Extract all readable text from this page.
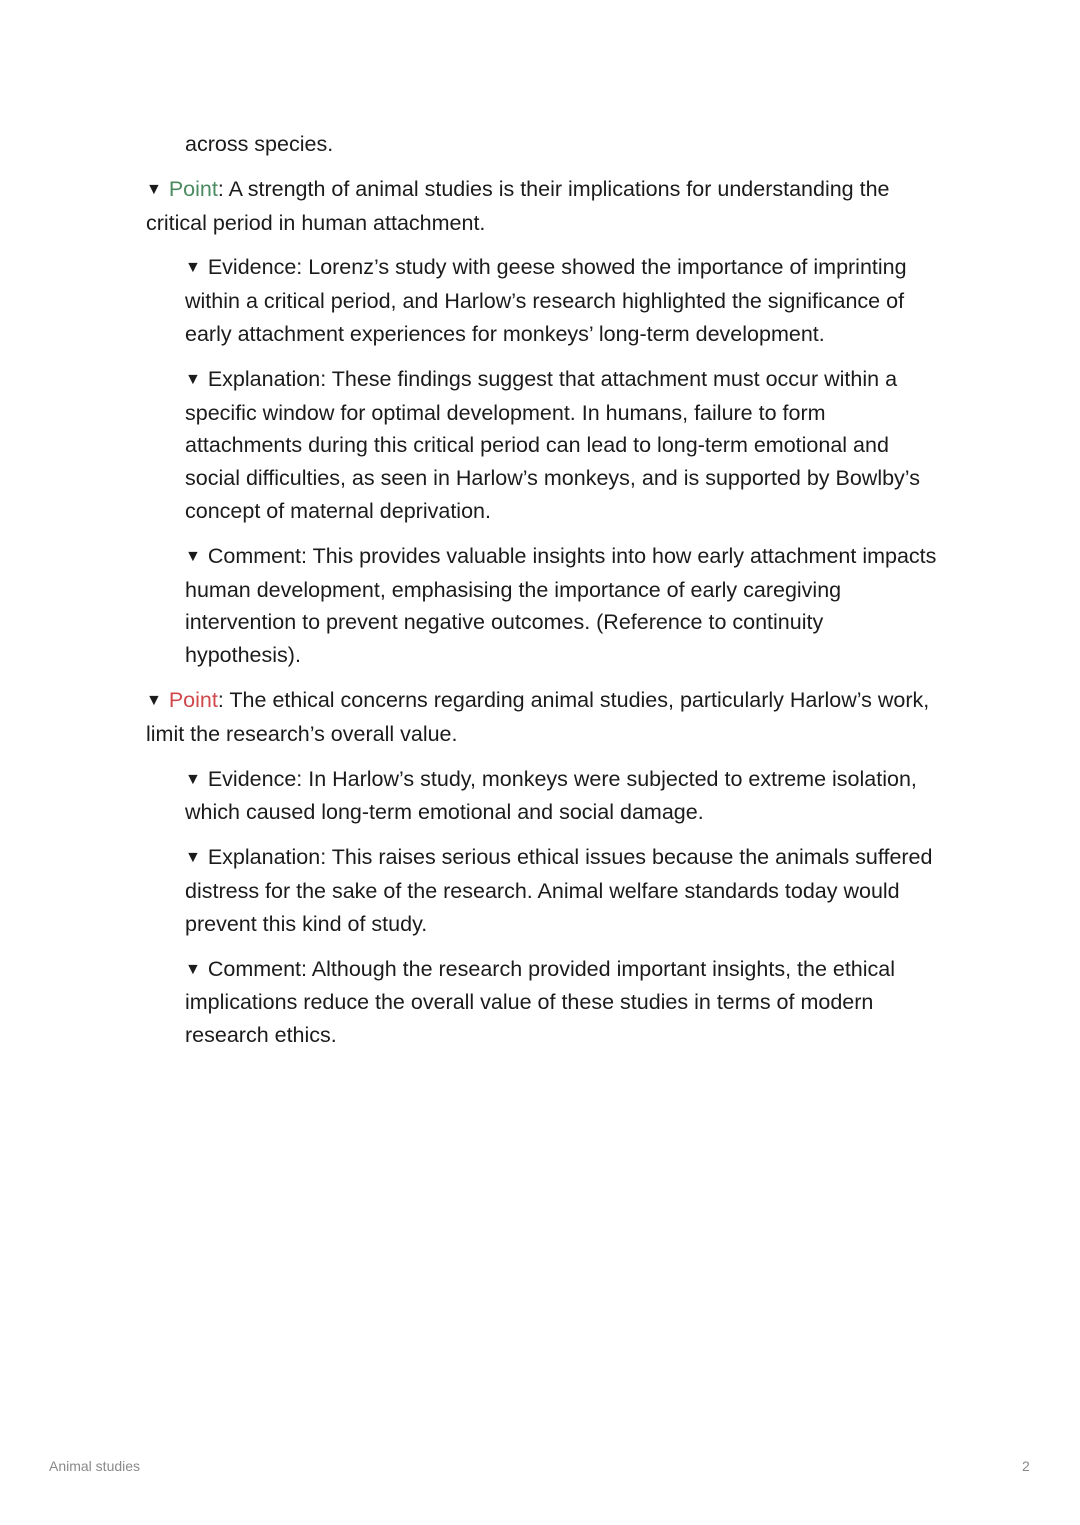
across species.

▼ Point: A strength of animal studies is their implications for understanding the critical period in human attachment.
▼ Evidence: Lorenz’s study with geese showed the importance of imprinting within a critical period, and Harlow’s research highlighted the significance of early attachment experiences for monkeys’ long-term development.
▼ Explanation: These findings suggest that attachment must occur within a specific window for optimal development. In humans, failure to form attachments during this critical period can lead to long-term emotional and social difficulties, as seen in Harlow’s monkeys, and is supported by Bowlby’s concept of maternal deprivation.
▼ Comment: This provides valuable insights into how early attachment impacts human development, emphasising the importance of early caregiving intervention to prevent negative outcomes. (Reference to continuity hypothesis).
▼ Point: The ethical concerns regarding animal studies, particularly Harlow’s work, limit the research’s overall value.
▼ Evidence: In Harlow’s study, monkeys were subjected to extreme isolation, which caused long-term emotional and social damage.
▼ Explanation: This raises serious ethical issues because the animals suffered distress for the sake of the research. Animal welfare standards today would prevent this kind of study.
▼ Comment: Although the research provided important insights, the ethical implications reduce the overall value of these studies in terms of modern research ethics.
Animal studies	2
